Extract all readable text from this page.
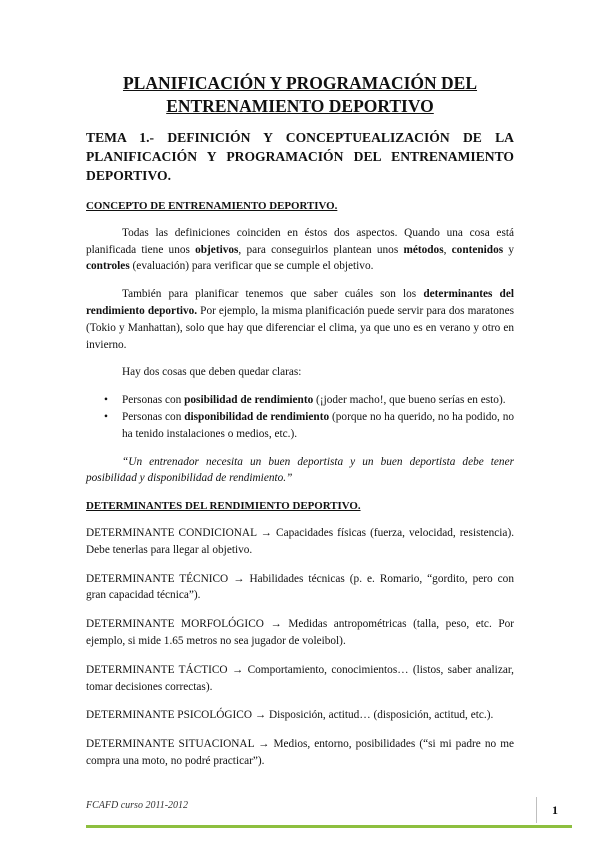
PLANIFICACIÓN Y PROGRAMACIÓN DEL
ENTRENAMIENTO DEPORTIVO
TEMA 1.- DEFINICIÓN Y CONCEPTUEALIZACIÓN DE LA PLANIFICACIÓN Y PROGRAMACIÓN DEL ENTRENAMIENTO DEPORTIVO.
CONCEPTO DE ENTRENAMIENTO DEPORTIVO.

Todas las definiciones coinciden en éstos dos aspectos. Quando una cosa está planificada tiene unos objetivos, para conseguirlos plantean unos métodos, contenidos y controles (evaluación) para verificar que se cumple el objetivo.

También para planificar tenemos que saber cuáles son los determinantes del rendimiento deportivo. Por ejemplo, la misma planificación puede servir para dos maratones (Tokio y Manhattan), solo que hay que diferenciar el clima, ya que uno es en verano y otro en invierno.

Hay dos cosas que deben quedar claras:

• Personas con posibilidad de rendimiento (¡joder macho!, que bueno serías en esto).
• Personas con disponibilidad de rendimiento (porque no ha querido, no ha podido, no ha tenido instalaciones o medios, etc.).

“Un entrenador necesita un buen deportista y un buen deportista debe tener posibilidad y disponibilidad de rendimiento.”

DETERMINANTES DEL RENDIMIENTO DEPORTIVO.

DETERMINANTE CONDICIONAL → Capacidades físicas (fuerza, velocidad, resistencia). Debe tenerlas para llegar al objetivo.

DETERMINANTE TÉCNICO → Habilidades técnicas (p. e. Romario, “gordito, pero con gran capacidad técnica”).

DETERMINANTE MORFOLÓGICO → Medidas antropométricas (talla, peso, etc. Por ejemplo, si mide 1.65 metros no sea jugador de voleibol).

DETERMINANTE TÁCTICO → Comportamiento, conocimientos… (listos, saber analizar, tomar decisiones correctas).

DETERMINANTE PSICOLÓGICO → Disposición, actitud… (disposición, actitud, etc.).

DETERMINANTE SITUACIONAL → Medios, entorno, posibilidades (“si mi padre no me compra una moto, no podré practicar”).

FCAFD curso 2011-2012	1
